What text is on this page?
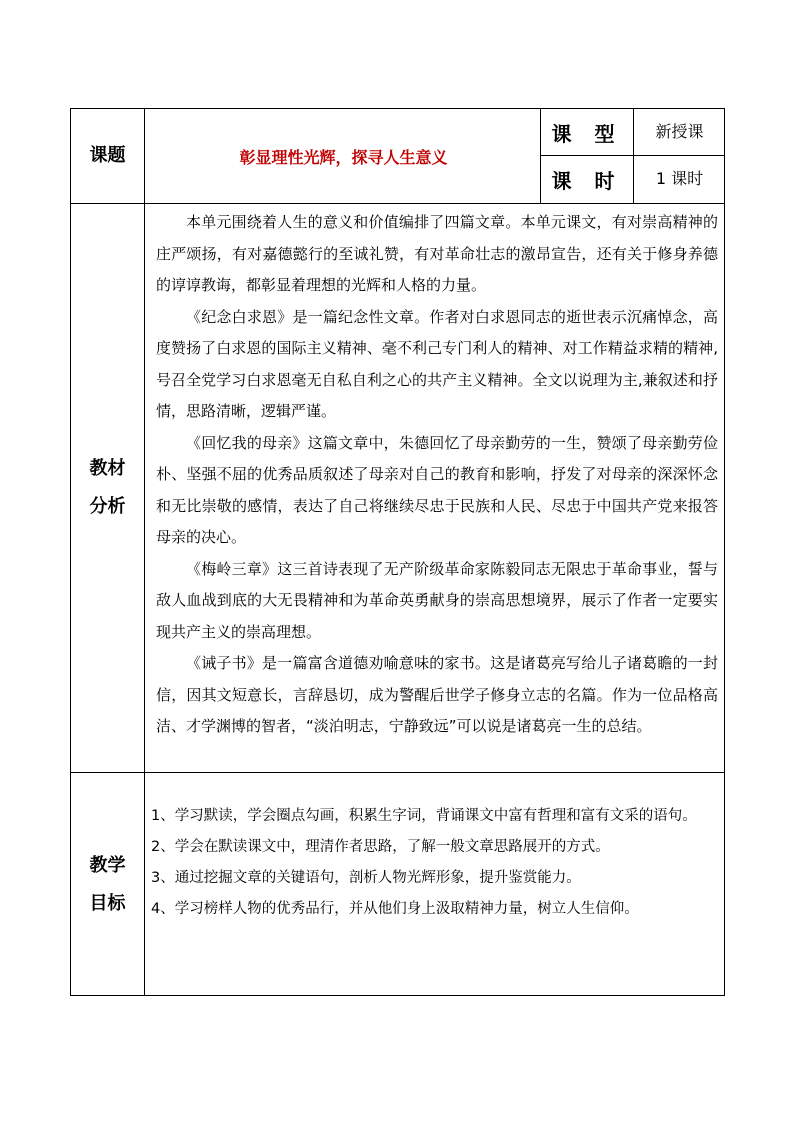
课题	彰显理性光辉，探寻人生意义
课 型	新授课
课 时	1 课时
教材
分析

本单元围绕着人生的意义和价值编排了四篇文章。本单元课文，有对崇高精神的庄严颂扬，有对嘉德懿行的至诚礼赞，有对革命壮志的激昂宣告，还有关于修身养德的谆谆教诲，都彰显着理想的光辉和人格的力量。

《纪念白求恩》是一篇纪念性文章。作者对白求恩同志的逝世表示沉痛悼念，高度赞扬了白求恩的国际主义精神、毫不利己专门利人的精神、对工作精益求精的精神,号召全党学习白求恩毫无自私自利之心的共产主义精神。全文以说理为主,兼叙述和抒情，思路清晰，逻辑严谨。

《回忆我的母亲》这篇文章中，朱德回忆了母亲勤劳的一生，赞颂了母亲勤劳俭朴、坚强不屈的优秀品质叙述了母亲对自己的教育和影响，抒发了对母亲的深深怀念和无比崇敬的感情，表达了自己将继续尽忠于民族和人民、尽忠于中国共产党来报答母亲的决心。

《梅岭三章》这三首诗表现了无产阶级革命家陈毅同志无限忠于革命事业，誓与敌人血战到底的大无畏精神和为革命英勇献身的崇高思想境界，展示了作者一定要实现共产主义的崇高理想。

《诫子书》是一篇富含道德劝喻意味的家书。这是诸葛亮写给儿子诸葛瞻的一封信，因其文短意长，言辞恳切，成为警醒后世学子修身立志的名篇。作为一位品格高洁、才学渊博的智者，“淡泊明志，宁静致远”可以说是诸葛亮一生的总结。

教学
目标

1、学习默读，学会圈点勾画，积累生字词，背诵课文中富有哲理和富有文采的语句。

2、学会在默读课文中，理清作者思路，了解一般文章思路展开的方式。

3、通过挖掘文章的关键语句，剖析人物光辉形象，提升鉴赏能力。

4、学习榜样人物的优秀品行，并从他们身上汲取精神力量，树立人生信仰。
